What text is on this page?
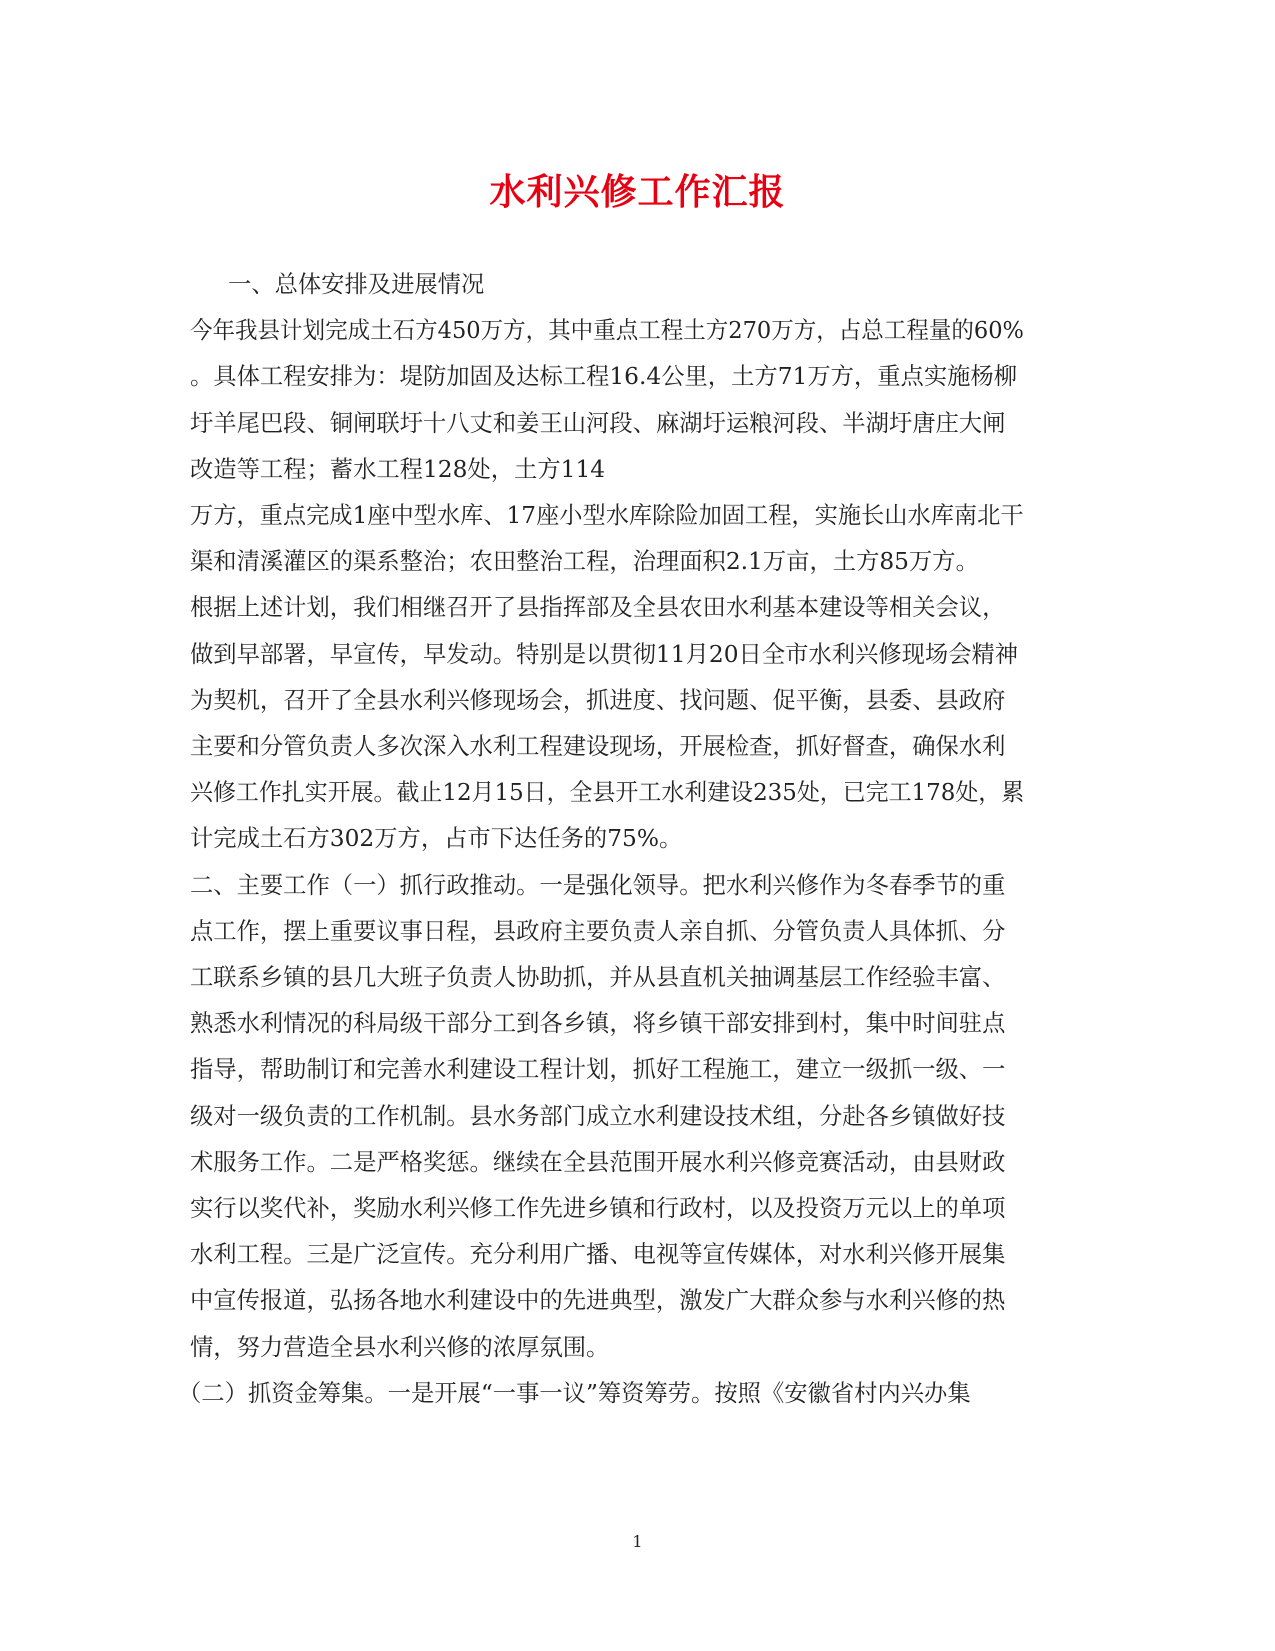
水利兴修工作汇报
一、总体安排及进展情况
今年我县计划完成土石方450万方，其中重点工程土方270万方，占总工程量的60%
。具体工程安排为：堤防加固及达标工程16.4公里，土方71万方，重点实施杨柳
圩羊尾巴段、铜闸联圩十八丈和姜王山河段、麻湖圩运粮河段、半湖圩唐庄大闸
改造等工程；蓄水工程128处，土方114
万方，重点完成1座中型水库、17座小型水库除险加固工程，实施长山水库南北干
渠和清溪灌区的渠系整治；农田整治工程，治理面积2.1万亩，土方85万方。
根据上述计划，我们相继召开了县指挥部及全县农田水利基本建设等相关会议，
做到早部署，早宣传，早发动。特别是以贯彻11月20日全市水利兴修现场会精神
为契机，召开了全县水利兴修现场会，抓进度、找问题、促平衡，县委、县政府
主要和分管负责人多次深入水利工程建设现场，开展检查，抓好督查，确保水利
兴修工作扎实开展。截止12月15日，全县开工水利建设235处，已完工178处，累
计完成土石方302万方，占市下达任务的75%。
二、主要工作（一）抓行政推动。一是强化领导。把水利兴修作为冬春季节的重
点工作，摆上重要议事日程，县政府主要负责人亲自抓、分管负责人具体抓、分
工联系乡镇的县几大班子负责人协助抓，并从县直机关抽调基层工作经验丰富、
熟悉水利情况的科局级干部分工到各乡镇，将乡镇干部安排到村，集中时间驻点
指导，帮助制订和完善水利建设工程计划，抓好工程施工，建立一级抓一级、一
级对一级负责的工作机制。县水务部门成立水利建设技术组，分赴各乡镇做好技
术服务工作。二是严格奖惩。继续在全县范围开展水利兴修竞赛活动，由县财政
实行以奖代补，奖励水利兴修工作先进乡镇和行政村，以及投资万元以上的单项
水利工程。三是广泛宣传。充分利用广播、电视等宣传媒体，对水利兴修开展集
中宣传报道，弘扬各地水利建设中的先进典型，激发广大群众参与水利兴修的热
情，努力营造全县水利兴修的浓厚氛围。
（二）抓资金筹集。一是开展“一事一议”筹资筹劳。按照《安徽省村内兴办集
1
